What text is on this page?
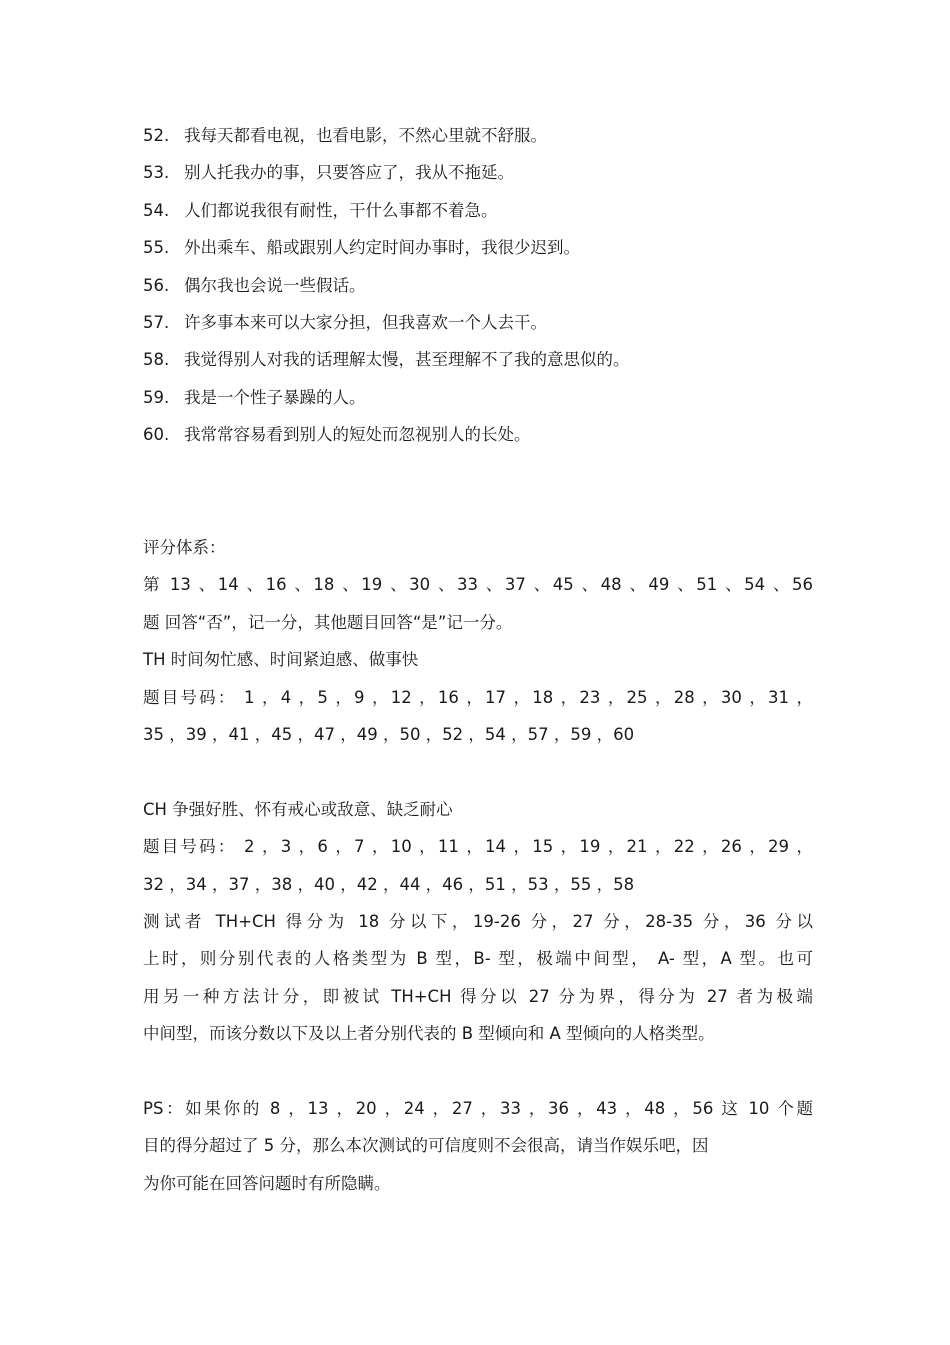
52. 我每天都看电视，也看电影，不然心里就不舒服。
53. 别人托我办的事，只要答应了，我从不拖延。
54. 人们都说我很有耐性，干什么事都不着急。
55. 外出乘车、船或跟别人约定时间办事时，我很少迟到。
56. 偶尔我也会说一些假话。
57. 许多事本来可以大家分担，但我喜欢一个人去干。
58. 我觉得别人对我的话理解太慢，甚至理解不了我的意思似的。
59. 我是一个性子暴躁的人。
60. 我常常容易看到别人的短处而忽视别人的长处。
评分体系：
第 13 、14 、16 、18 、19 、30 、33 、37 、45 、48 、49 、51 、54 、56
题 回答“否”，记一分，其他题目回答“是”记一分。
TH 时间匆忙感、时间紧迫感、做事快
题目号码： 1 ，4 ，5 ，9 ，12 ，16 ，17 ，18 ，23 ，25 ，28 ，30 ，31 ，
35 ，39 ，41 ，45 ，47 ，49 ，50 ，52 ，54 ，57 ，59 ，60
CH 争强好胜、怀有戒心或敌意、缺乏耐心
题目号码： 2 ，3 ，6 ，7 ，10 ，11 ，14 ，15 ，19 ，21 ，22 ，26 ，29 ，
32 ，34 ，37 ，38 ，40 ，42 ，44 ，46 ，51 ，53 ，55 ，58
测试者 TH+CH 得分为 18 分以下，19-26 分，27 分，28-35 分，36 分以
上时，则分别代表的人格类型为 B 型，B- 型，极端中间型， A- 型，A 型。也可
用另一种方法计分，即被试 TH+CH 得分以 27 分为界，得分为 27 者为极端
中间型，而该分数以下及以上者分别代表的 B 型倾向和 A 型倾向的人格类型。
PS：如果你的 8 ，13 ，20 ，24 ，27 ，33 ，36 ，43 ，48 ，56 这 10 个题
目的得分超过了 5 分，那么本次测试的可信度则不会很高，请当作娱乐吧，因
为你可能在回答问题时有所隐瞒。
